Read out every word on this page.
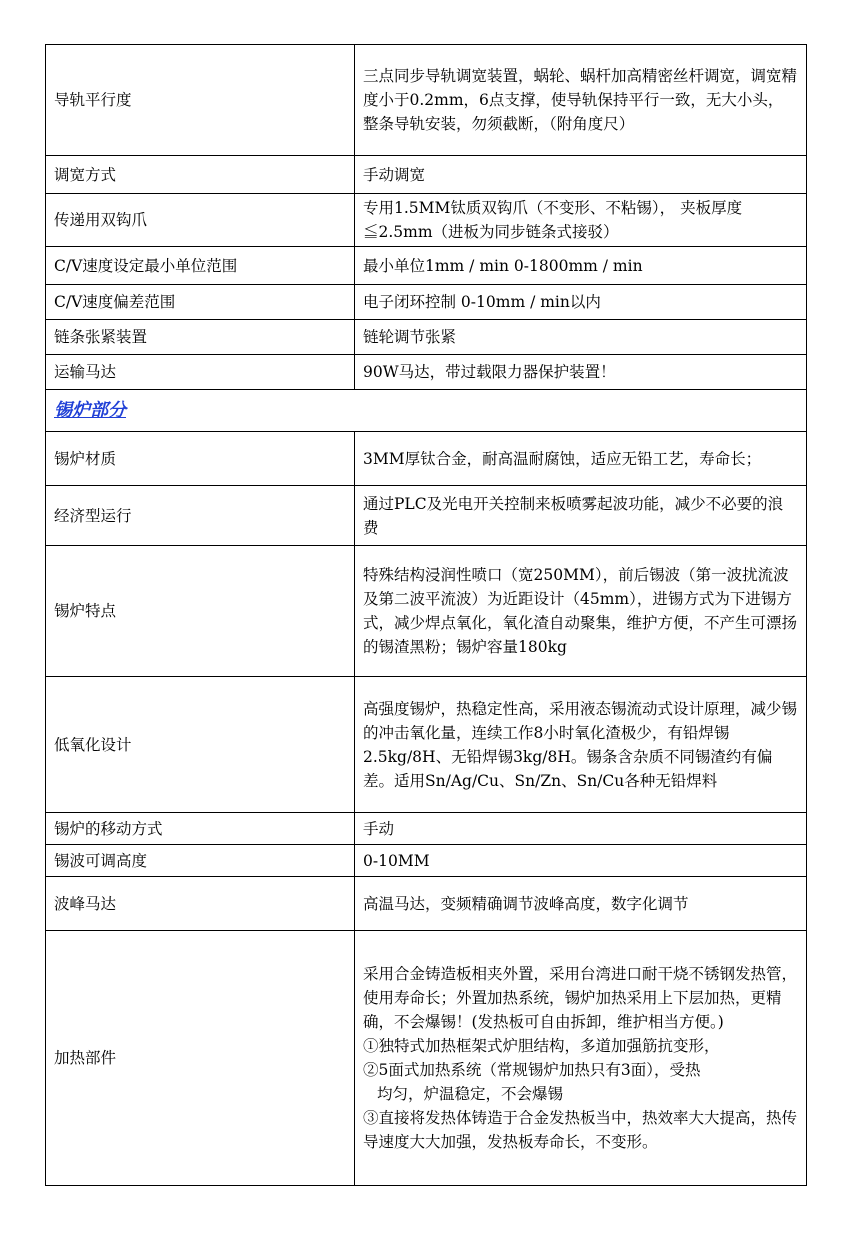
导轨平行度	三点同步导轨调宽装置，蜗轮、蜗杆加高精密丝杆调宽，调宽精度小于0.2mm，6点支撑，使导轨保持平行一致，无大小头，整条导轨安装，勿须截断，（附角度尺）
调宽方式	手动调宽
传递用双钩爪	专用1.5MM钛质双钩爪（不变形、不粘锡）， 夹板厚度≦2.5mm（进板为同步链条式接驳）
C/V速度设定最小单位范围	最小单位1mm / min 0-1800mm / min
C/V速度偏差范围	电子闭环控制 0-10mm / min以内
链条张紧装置	链轮调节张紧
运输马达	90W马达，带过载限力器保护装置！
锡炉部分	
锡炉材质	3MM厚钛合金，耐高温耐腐蚀，适应无铅工艺，寿命长；
经济型运行	通过PLC及光电开关控制来板喷雾起波功能，减少不必要的浪费
锡炉特点	特殊结构浸润性喷口（宽250MM），前后锡波（第一波扰流波及第二波平流波）为近距设计（45mm），进锡方式为下进锡方式，减少焊点氧化，氧化渣自动聚集，维护方便，不产生可漂扬的锡渣黑粉；锡炉容量180kg
低氧化设计	高强度锡炉，热稳定性高，采用液态锡流动式设计原理，减少锡的冲击氧化量，连续工作8小时氧化渣极少，有铅焊锡2.5kg/8H、无铅焊锡3kg/8H。锡条含杂质不同锡渣约有偏差。适用Sn/Ag/Cu、Sn/Zn、Sn/Cu各种无铅焊料
锡炉的移动方式	手动
锡波可调高度	0-10MM
波峰马达	高温马达，变频精确调节波峰高度，数字化调节
加热部件	采用合金铸造板相夹外置，采用台湾进口耐干烧不锈钢发热管，使用寿命长；外置加热系统，锡炉加热采用上下层加热，更精确，不会爆锡！(发热板可自由拆卸，维护相当方便。)
①独特式加热框架式炉胆结构，多道加强筋抗变形，
②5面式加热系统（常规锡炉加热只有3面），受热
均匀，炉温稳定，不会爆锡
③直接将发热体铸造于合金发热板当中，热效率大大提高，热传导速度大大加强，发热板寿命长，不变形。
